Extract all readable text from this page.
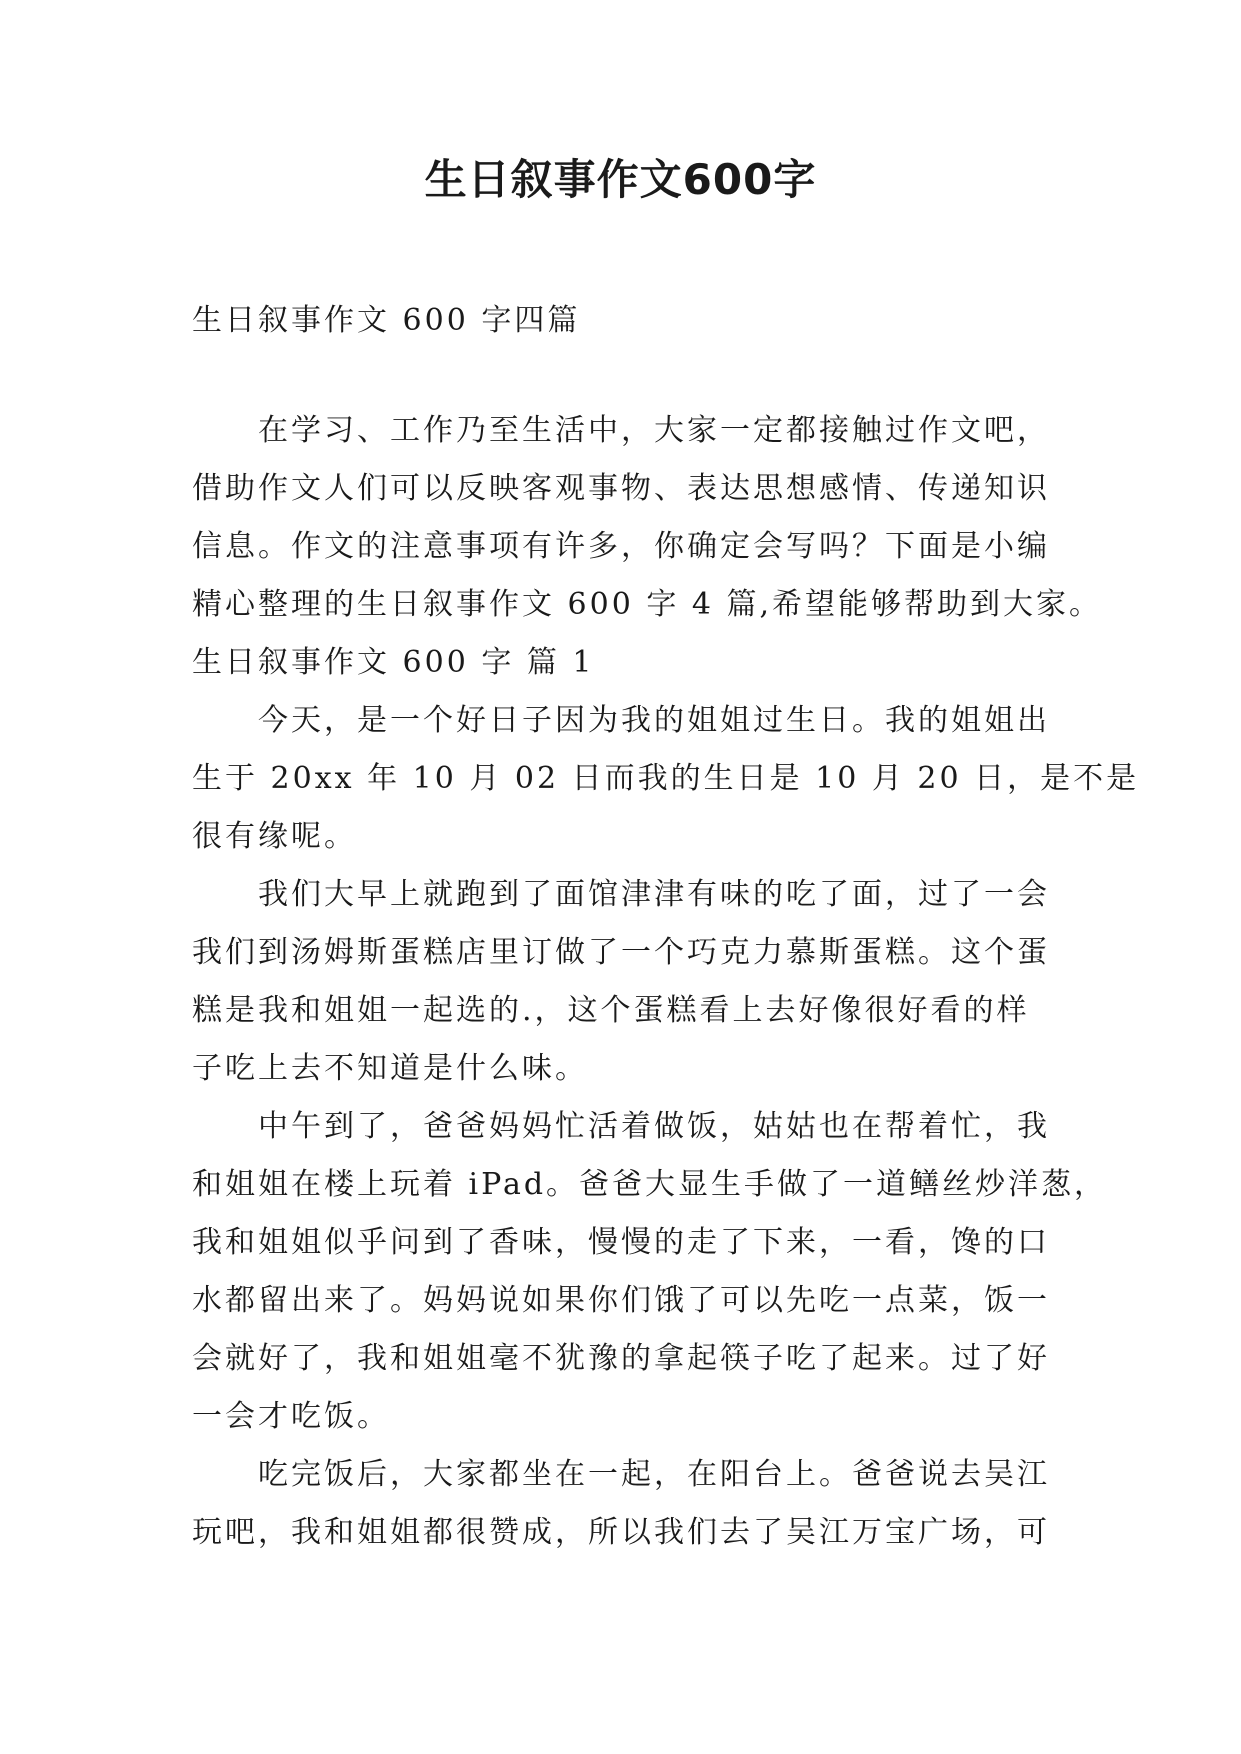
生日叙事作文600字

生日叙事作文 600 字四篇

在学习、工作乃至生活中，大家一定都接触过作文吧，
借助作文人们可以反映客观事物、表达思想感情、传递知识
信息。作文的注意事项有许多，你确定会写吗？下面是小编
精心整理的生日叙事作文 600 字 4 篇,希望能够帮助到大家。
生日叙事作文 600 字 篇 1
今天，是一个好日子因为我的姐姐过生日。我的姐姐出
生于 20xx 年 10 月 02 日而我的生日是 10 月 20 日，是不是
很有缘呢。
我们大早上就跑到了面馆津津有味的吃了面，过了一会
我们到汤姆斯蛋糕店里订做了一个巧克力慕斯蛋糕。这个蛋
糕是我和姐姐一起选的.，这个蛋糕看上去好像很好看的样
子吃上去不知道是什么味。
中午到了，爸爸妈妈忙活着做饭，姑姑也在帮着忙，我
和姐姐在楼上玩着 iPad。爸爸大显生手做了一道鳝丝炒洋葱，
我和姐姐似乎问到了香味，慢慢的走了下来，一看，馋的口
水都留出来了。妈妈说如果你们饿了可以先吃一点菜，饭一
会就好了，我和姐姐毫不犹豫的拿起筷子吃了起来。过了好
一会才吃饭。
吃完饭后，大家都坐在一起，在阳台上。爸爸说去吴江
玩吧，我和姐姐都很赞成，所以我们去了吴江万宝广场，可
